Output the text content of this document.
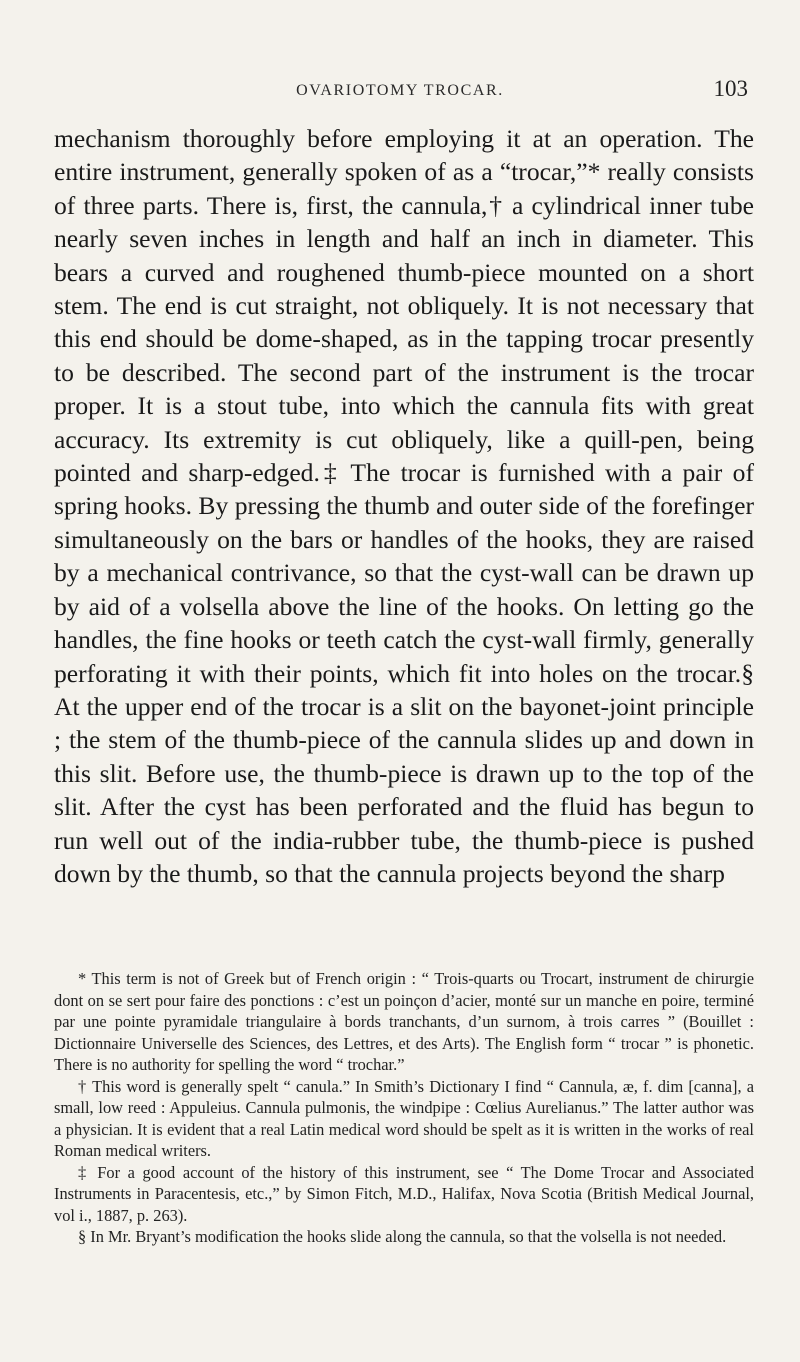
OVARIOTOMY TROCAR.	103

mechanism thoroughly before employing it at an operation. The entire instrument, generally spoken of as a “trocar,”* really consists of three parts. There is, first, the cannula,† a cylindrical inner tube nearly seven inches in length and half an inch in diameter. This bears a curved and roughened thumb-piece mounted on a short stem. The end is cut straight, not obliquely. It is not necessary that this end should be dome-shaped, as in the tapping trocar presently to be described. The second part of the instrument is the trocar proper. It is a stout tube, into which the cannula fits with great accuracy. Its extremity is cut obliquely, like a quill-pen, being pointed and sharp-edged.‡ The trocar is furnished with a pair of spring hooks. By pressing the thumb and outer side of the forefinger simultaneously on the bars or handles of the hooks, they are raised by a mechanical contrivance, so that the cyst-wall can be drawn up by aid of a volsella above the line of the hooks. On letting go the handles, the fine hooks or teeth catch the cyst-wall firmly, generally perforating it with their points, which fit into holes on the trocar.§ At the upper end of the trocar is a slit on the bayonet-joint principle ; the stem of the thumb-piece of the cannula slides up and down in this slit. Before use, the thumb-piece is drawn up to the top of the slit. After the cyst has been perforated and the fluid has begun to run well out of the india-rubber tube, the thumb-piece is pushed down by the thumb, so that the cannula projects beyond the sharp

* This term is not of Greek but of French origin : “ Trois-quarts ou Trocart, instrument de chirurgie dont on se sert pour faire des ponctions : c’est un poinçon d’acier, monté sur un manche en poire, terminé par une pointe pyramidale triangulaire à bords tranchants, d’un surnom, à trois carres ” (Bouillet : Dictionnaire Universelle des Sciences, des Lettres, et des Arts). The English form “ trocar ” is phonetic. There is no authority for spelling the word “ trochar.”

† This word is generally spelt “ canula.” In Smith’s Dictionary I find “ Cannula, æ, f. dim [canna], a small, low reed : Appuleius. Cannula pulmonis, the windpipe : Cœlius Aurelianus.” The latter author was a physician. It is evident that a real Latin medical word should be spelt as it is written in the works of real Roman medical writers.

‡ For a good account of the history of this instrument, see “ The Dome Trocar and Associated Instruments in Paracentesis, etc.,” by Simon Fitch, M.D., Halifax, Nova Scotia (British Medical Journal, vol i., 1887, p. 263).

§ In Mr. Bryant’s modification the hooks slide along the cannula, so that the volsella is not needed.
